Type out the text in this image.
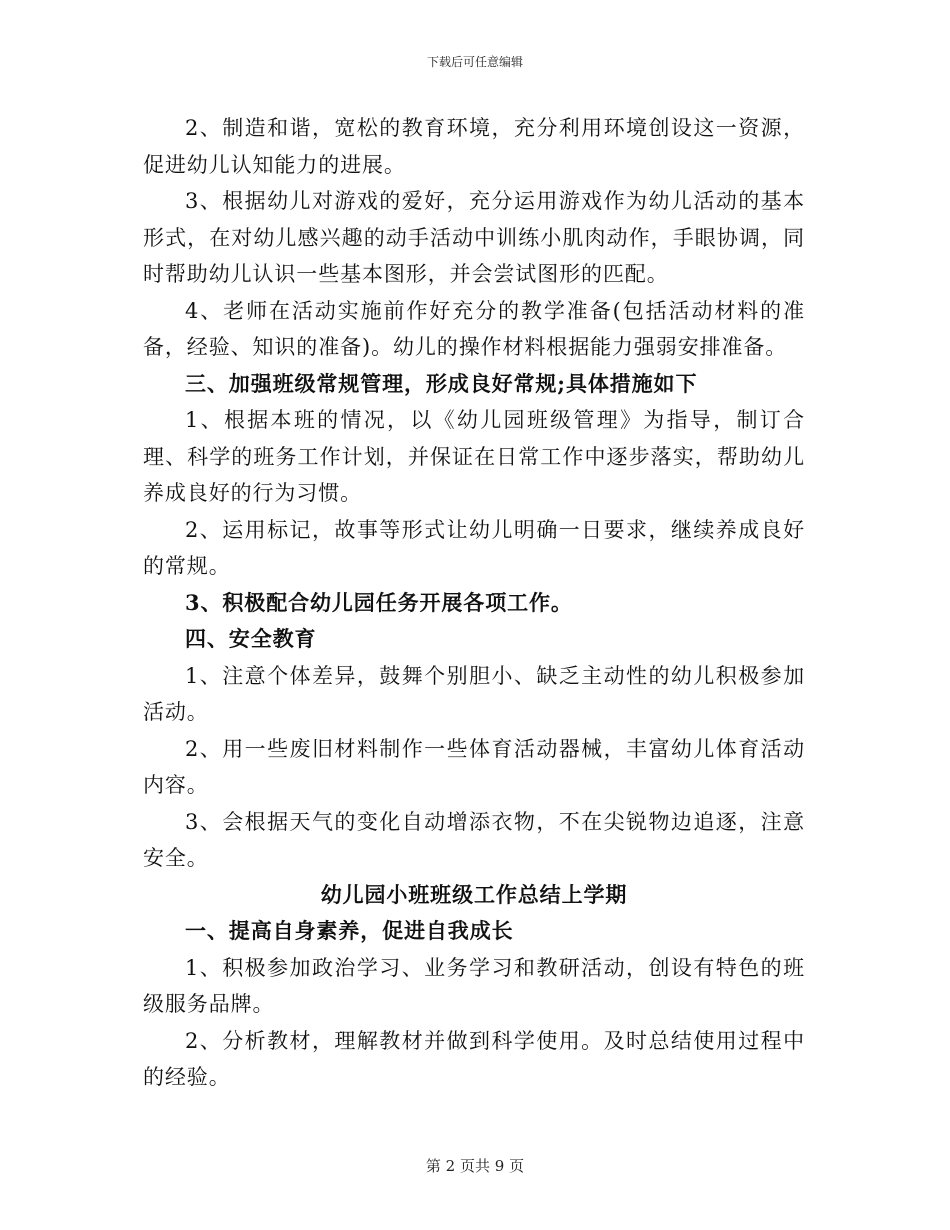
下载后可任意编辑

2、制造和谐，宽松的教育环境，充分利用环境创设这一资源，促进幼儿认知能力的进展。

3、根据幼儿对游戏的爱好，充分运用游戏作为幼儿活动的基本形式，在对幼儿感兴趣的动手活动中训练小肌肉动作，手眼协调，同时帮助幼儿认识一些基本图形，并会尝试图形的匹配。

4、老师在活动实施前作好充分的教学准备(包括活动材料的准备，经验、知识的准备)。幼儿的操作材料根据能力强弱安排准备。

三、加强班级常规管理，形成良好常规;具体措施如下

1、根据本班的情况，以《幼儿园班级管理》为指导，制订合理、科学的班务工作计划，并保证在日常工作中逐步落实，帮助幼儿养成良好的行为习惯。

2、运用标记，故事等形式让幼儿明确一日要求，继续养成良好的常规。

3、积极配合幼儿园任务开展各项工作。

四、安全教育

1、注意个体差异，鼓舞个别胆小、缺乏主动性的幼儿积极参加活动。

2、用一些废旧材料制作一些体育活动器械，丰富幼儿体育活动内容。

3、会根据天气的变化自动增添衣物，不在尖锐物边追逐，注意安全。

幼儿园小班班级工作总结上学期

一、提高自身素养，促进自我成长

1、积极参加政治学习、业务学习和教研活动，创设有特色的班级服务品牌。

2、分析教材，理解教材并做到科学使用。及时总结使用过程中的经验。

第 2 页共 9 页
